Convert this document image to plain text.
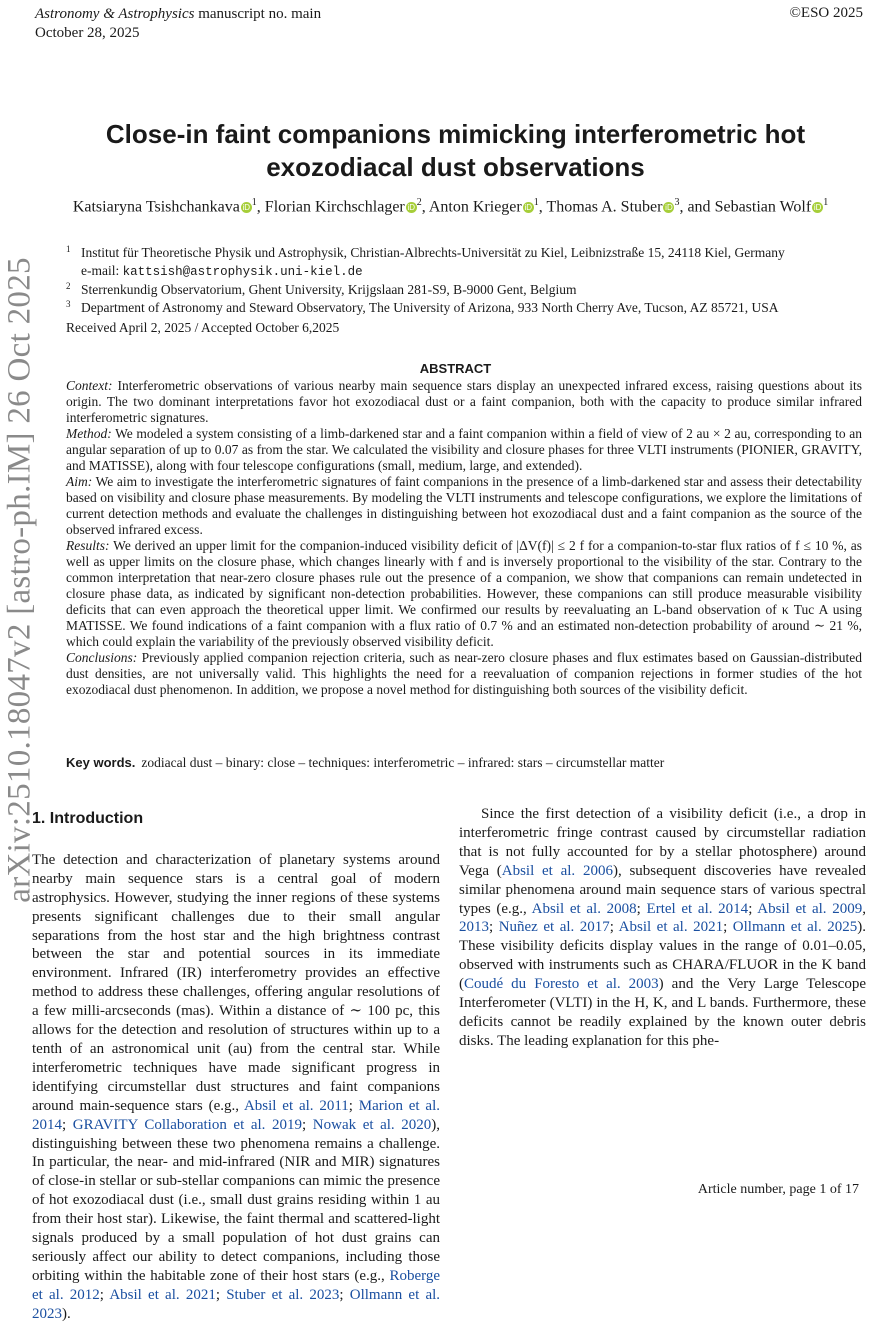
Astronomy & Astrophysics manuscript no. main
October 28, 2025
©ESO 2025
arXiv:2510.18047v2 [astro-ph.IM] 26 Oct 2025
Close-in faint companions mimicking interferometric hot exozodiacal dust observations
Katsiaryna Tsishchankava iD $^1$, Florian Kirchschlager iD $^2$, Anton Krieger iD $^1$, Thomas A. Stuber iD $^3$, and Sebastian Wolf iD $^1$
1 Institut für Theoretische Physik und Astrophysik, Christian-Albrechts-Universität zu Kiel, Leibnizstraße 15, 24118 Kiel, Germany
e-mail: kattsish@astrophysik.uni-kiel.de
2 Sterrenkundig Observatorium, Ghent University, Krijgslaan 281-S9, B-9000 Gent, Belgium
3 Department of Astronomy and Steward Observatory, The University of Arizona, 933 North Cherry Ave, Tucson, AZ 85721, USA
Received April 2, 2025 / Accepted October 6,2025
ABSTRACT

Context: Interferometric observations of various nearby main sequence stars display an unexpected infrared excess, raising questions about its origin. The two dominant interpretations favor hot exozodiacal dust or a faint companion, both with the capacity to produce similar infrared interferometric signatures.

Method: We modeled a system consisting of a limb-darkened star and a faint companion within a field of view of 2 au × 2 au, corresponding to an angular separation of up to 0.07 as from the star. We calculated the visibility and closure phases for three VLTI instruments (PIONIER, GRAVITY, and MATISSE), along with four telescope configurations (small, medium, large, and extended).

Aim: We aim to investigate the interferometric signatures of faint companions in the presence of a limb-darkened star and assess their detectability based on visibility and closure phase measurements. By modeling the VLTI instruments and telescope configurations, we explore the limitations of current detection methods and evaluate the challenges in distinguishing between hot exozodiacal dust and a faint companion as the source of the observed infrared excess.

Results: We derived an upper limit for the companion-induced visibility deficit of |ΔV(f)| ≤ 2 f for a companion-to-star flux ratios of f ≤ 10 %, as well as upper limits on the closure phase, which changes linearly with f and is inversely proportional to the visibility of the star. Contrary to the common interpretation that near-zero closure phases rule out the presence of a companion, we show that companions can remain undetected in closure phase data, as indicated by significant non-detection probabilities. However, these companions can still produce measurable visibility deficits that can even approach the theoretical upper limit. We confirmed our results by reevaluating an L-band observation of κ Tuc A using MATISSE. We found indications of a faint companion with a flux ratio of 0.7 % and an estimated non-detection probability of around ∼ 21 %, which could explain the variability of the previously observed visibility deficit.

Conclusions: Previously applied companion rejection criteria, such as near-zero closure phases and flux estimates based on Gaussian-distributed dust densities, are not universally valid. This highlights the need for a reevaluation of companion rejections in former studies of the hot exozodiacal dust phenomenon. In addition, we propose a novel method for distinguishing both sources of the visibility deficit.

Key words. zodiacal dust – binary: close – techniques: interferometric – infrared: stars – circumstellar matter
1. Introduction

The detection and characterization of planetary systems around nearby main sequence stars is a central goal of modern astrophysics. However, studying the inner regions of these systems presents significant challenges due to their small angular separations from the host star and the high brightness contrast between the star and potential sources in its immediate environment. Infrared (IR) interferometry provides an effective method to address these challenges, offering angular resolutions of a few milli-arcseconds (mas). Within a distance of ∼ 100 pc, this allows for the detection and resolution of structures within up to a tenth of an astronomical unit (au) from the central star. While interferometric techniques have made significant progress in identifying circumstellar dust structures and faint companions around main-sequence stars (e.g., Absil et al. 2011; Marion et al. 2014; GRAVITY Collaboration et al. 2019; Nowak et al. 2020), distinguishing between these two phenomena remains a challenge. In particular, the near- and mid-infrared (NIR and MIR) signatures of close-in stellar or sub-stellar companions can mimic the presence of hot exozodiacal dust (i.e., small dust grains residing within 1 au from their host star). Likewise, the faint thermal and scattered-light signals produced by a small population of hot dust grains can seriously affect our ability to detect companions, including those orbiting within the habitable zone of their host stars (e.g., Roberge et al. 2012; Absil et al. 2021; Stuber et al. 2023; Ollmann et al. 2023).

Since the first detection of a visibility deficit (i.e., a drop in interferometric fringe contrast caused by circumstellar radiation that is not fully accounted for by a stellar photosphere) around Vega (Absil et al. 2006), subsequent discoveries have revealed similar phenomena around main sequence stars of various spectral types (e.g., Absil et al. 2008; Ertel et al. 2014; Absil et al. 2009, 2013; Nuñez et al. 2017; Absil et al. 2021; Ollmann et al. 2025). These visibility deficits display values in the range of 0.01–0.05, observed with instruments such as CHARA/FLUOR in the K band (Coudé du Foresto et al. 2003) and the Very Large Telescope Interferometer (VLTI) in the H, K, and L bands. Furthermore, these deficits cannot be readily explained by the known outer debris disks. The leading explanation for this phe-

Article number, page 1 of 17
